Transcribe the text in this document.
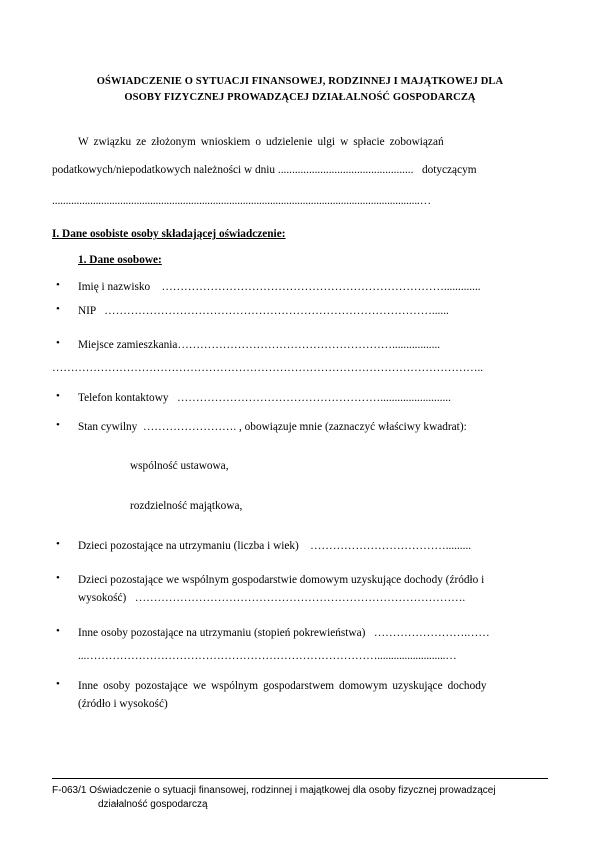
OŚWIADCZENIE O SYTUACJI FINANSOWEJ, RODZINNEJ I MAJĄTKOWEJ DLA
OSOBY FIZYCZNEJ PROWADZĄCEJ DZIAŁALNOŚĆ GOSPODARCZĄ

W związku ze złożonym wnioskiem o udzielenie ulgi w spłacie zobowiązań

podatkowych/niepodatkowych należności w dniu ................................................ dotyczącym

.......................................................................................................................................…
I. Dane osobiste osoby składającej oświadczenie:
1. Dane osobowe:
• Imię i nazwisko ………………………………………………………………….............
• NIP ……………………………………………………………………………......
• Miejsce zamieszkania………………………………………………….................
……………………………………………………………………………………………………..
• Telefon kontaktowy ……………………………………………….........................
• Stan cywilny ……………………. , obowiązuje mnie (zaznaczyć właściwy kwadrat):
wspólność ustawowa,
rozdzielność majątkowa,
• Dzieci pozostające na utrzymaniu (liczba i wiek) ……………………………….........
• Dzieci pozostające we wspólnym gospodarstwie domowym uzyskujące dochody (źródło i
wysokość) …………………………………………………………………………….
• Inne osoby pozostające na utrzymaniu (stopień pokrewieństwa) …………………….……
...…………………………………………………………………….........................…
• Inne osoby pozostające we wspólnym gospodarstwem domowym uzyskujące dochody
(źródło i wysokość)
F-063/1 Oświadczenie o sytuacji finansowej, rodzinnej i majątkowej dla osoby fizycznej prowadzącej
działalność gospodarczą
